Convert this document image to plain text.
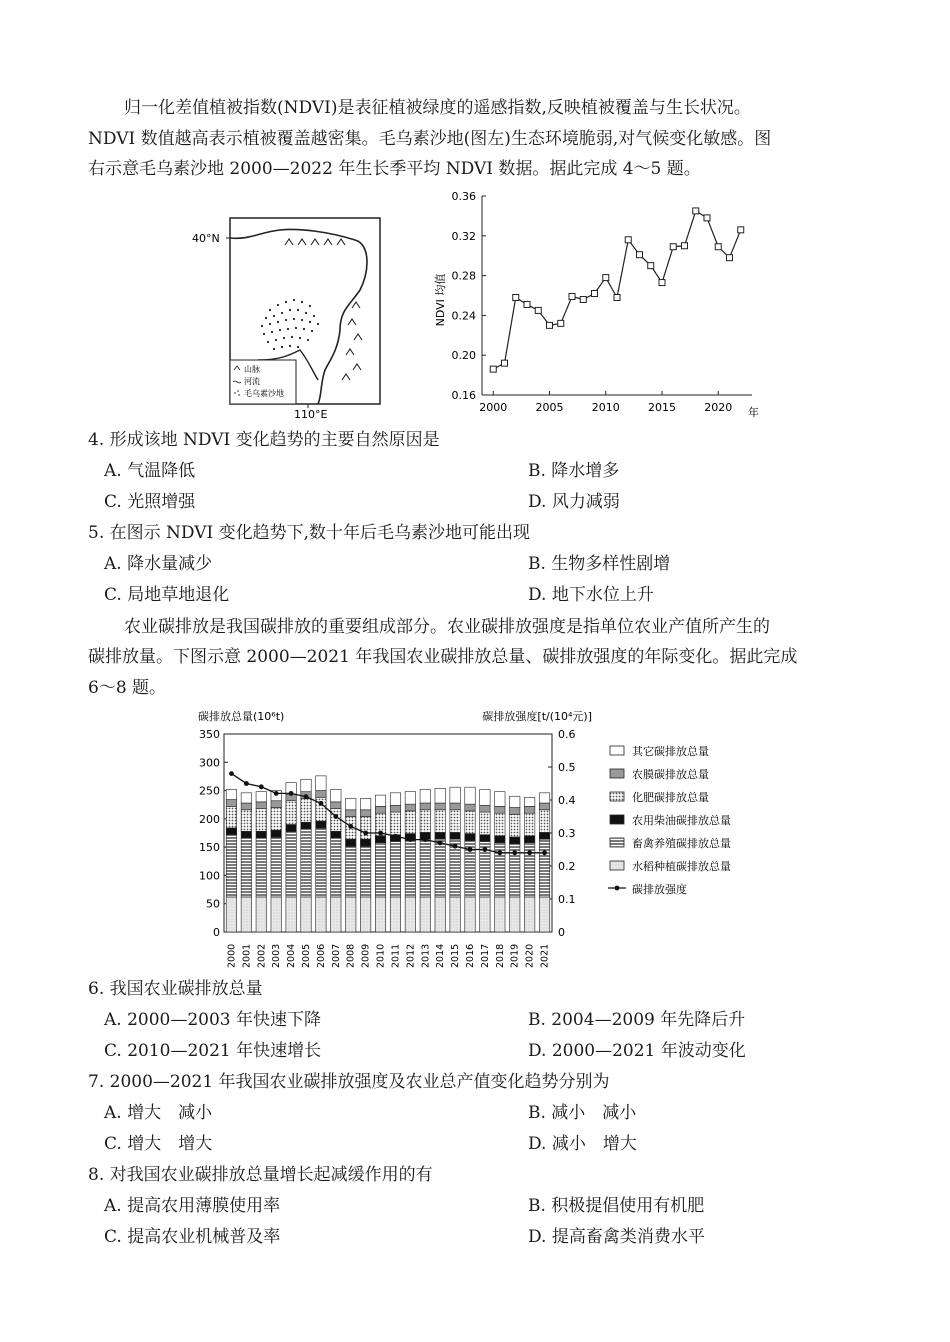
归一化差值植被指数(NDVI)是表征植被绿度的遥感指数,反映植被覆盖与生长状况。
NDVI 数值越高表示植被覆盖越密集。毛乌素沙地(图左)生态环境脆弱,对气候变化敏感。图
右示意毛乌素沙地 2000—2022 年生长季平均 NDVI 数据。据此完成 4～5 题。
山脉
河流
毛乌素沙地
40°N
110°E
NDVI 均值
年
0.16
0.20
0.24
0.28
0.32
0.36
2000	2005	2010	2015	2020
4. 形成该地 NDVI 变化趋势的主要自然原因是
A. 气温降低	B. 降水增多
C. 光照增强	D. 风力减弱
5. 在图示 NDVI 变化趋势下,数十年后毛乌素沙地可能出现
A. 降水量减少	B. 生物多样性剧增
C. 局地草地退化	D. 地下水位上升
农业碳排放是我国碳排放的重要组成部分。农业碳排放强度是指单位农业产值所产生的
碳排放量。下图示意 2000—2021 年我国农业碳排放总量、碳排放强度的年际变化。据此完成
6～8 题。
碳排放总量(10⁶t)	碳排放强度[t/(10⁴元)]
0
50
100
150
200
250
300
350
0
0.1
0.2
0.3
0.4
0.5
0.6
2000 2001 2002 2003 2004 2005 2006 2007 2008 2009 2010 2011 2012 2013 2014 2015 2016 2017 2018 2019 2020 2021
其它碳排放总量
农膜碳排放总量
化肥碳排放总量
农用柴油碳排放总量
畜禽养殖碳排放总量
水稻种植碳排放总量
碳排放强度
6. 我国农业碳排放总量
A. 2000—2003 年快速下降	B. 2004—2009 年先降后升
C. 2010—2021 年快速增长	D. 2000—2021 年波动变化
7. 2000—2021 年我国农业碳排放强度及农业总产值变化趋势分别为
A. 增大　减小	B. 减小　减小
C. 增大　增大	D. 减小　增大
8. 对我国农业碳排放总量增长起减缓作用的有
A. 提高农用薄膜使用率	B. 积极提倡使用有机肥
C. 提高农业机械普及率	D. 提高畜禽类消费水平
